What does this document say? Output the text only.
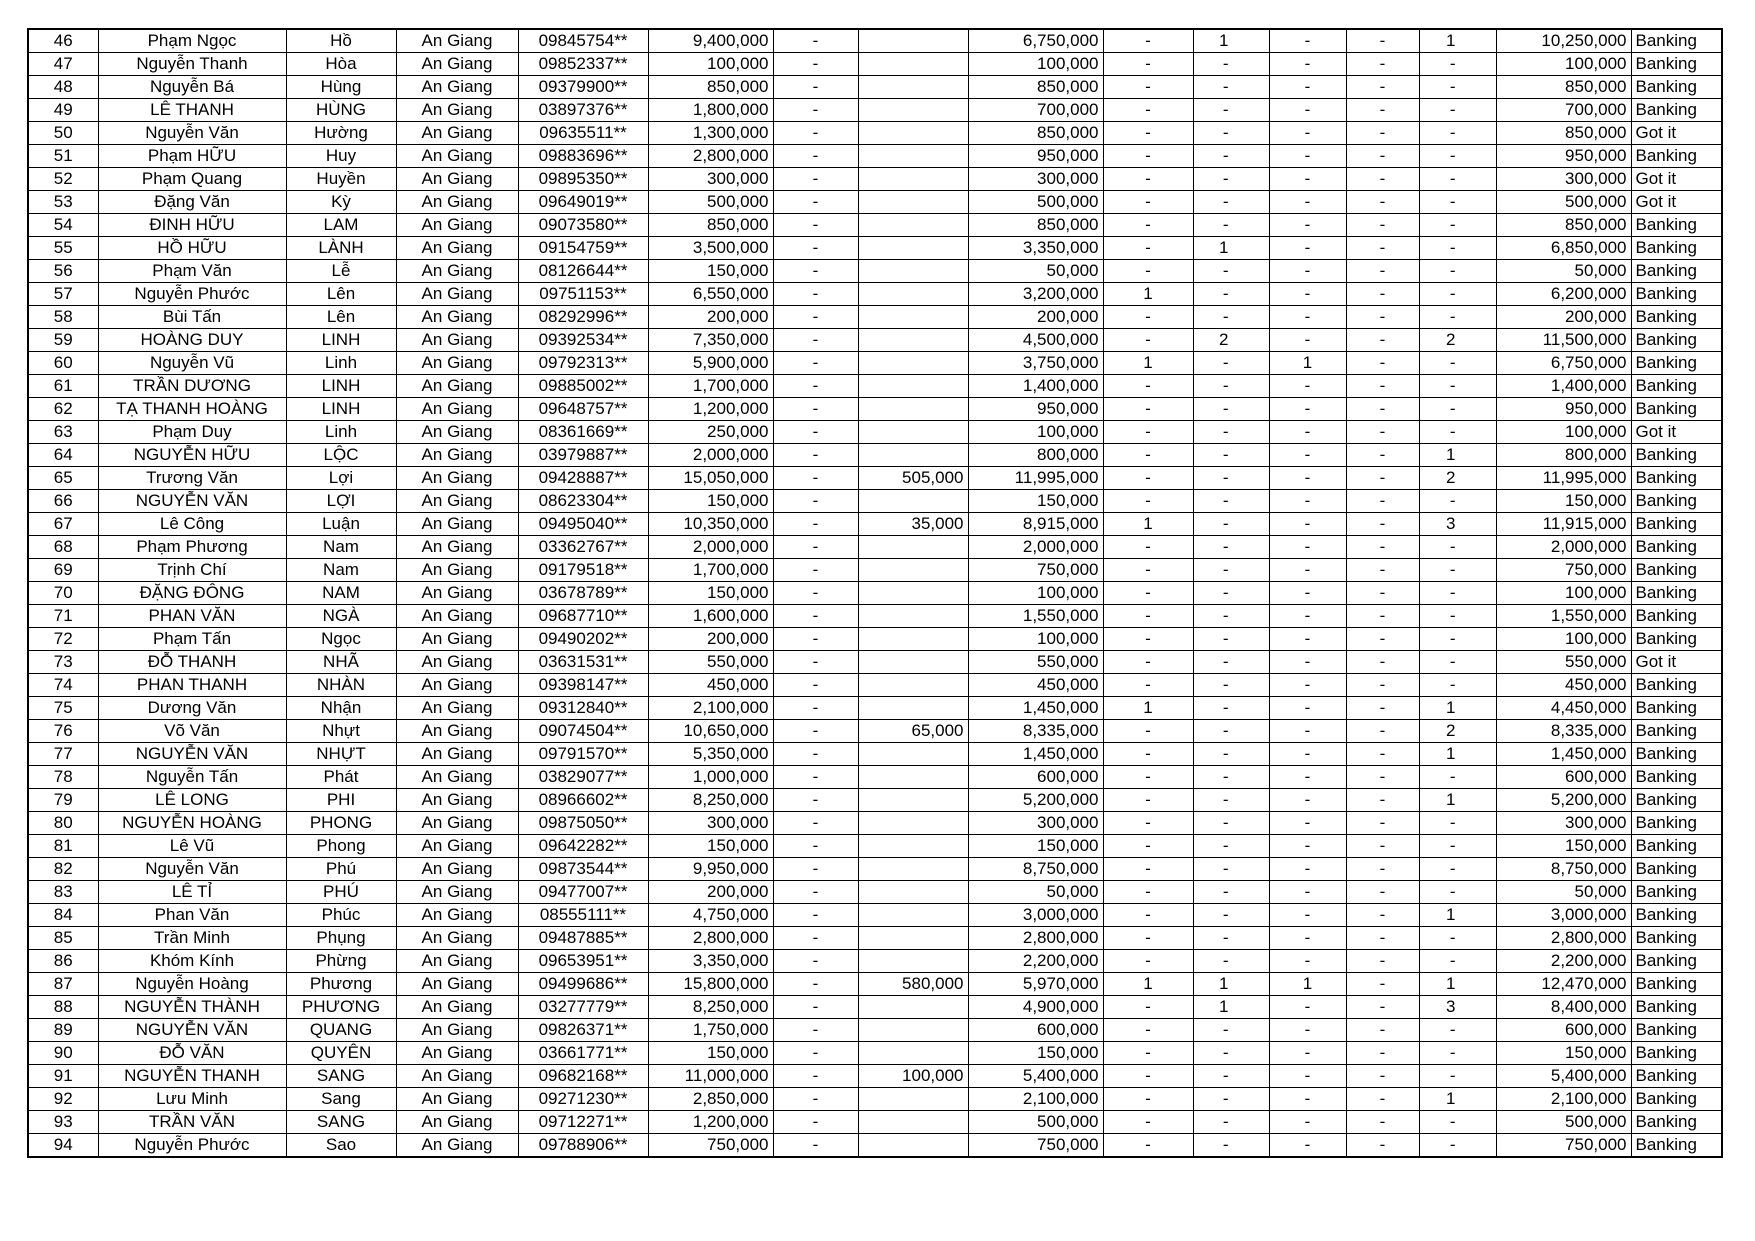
46	Phạm Ngọc	Hồ	An Giang	09845754**	9,400,000	-		6,750,000	-	1	-	-	1	10,250,000	Banking
47	Nguyễn Thanh	Hòa	An Giang	09852337**	100,000	-		100,000	-	-	-	-	-	100,000	Banking
48	Nguyễn Bá	Hùng	An Giang	09379900**	850,000	-		850,000	-	-	-	-	-	850,000	Banking
49	LÊ THANH	HÙNG	An Giang	03897376**	1,800,000	-		700,000	-	-	-	-	-	700,000	Banking
50	Nguyễn Văn	Hường	An Giang	09635511**	1,300,000	-		850,000	-	-	-	-	-	850,000	Got it
51	Phạm HỮU	Huy	An Giang	09883696**	2,800,000	-		950,000	-	-	-	-	-	950,000	Banking
52	Phạm Quang	Huyền	An Giang	09895350**	300,000	-		300,000	-	-	-	-	-	300,000	Got it
53	Đặng Văn	Kỳ	An Giang	09649019**	500,000	-		500,000	-	-	-	-	-	500,000	Got it
54	ĐINH HỮU	LAM	An Giang	09073580**	850,000	-		850,000	-	-	-	-	-	850,000	Banking
55	HỒ HỮU	LÀNH	An Giang	09154759**	3,500,000	-		3,350,000	-	1	-	-	-	6,850,000	Banking
56	Phạm Văn	Lễ	An Giang	08126644**	150,000	-		50,000	-	-	-	-	-	50,000	Banking
57	Nguyễn Phước	Lên	An Giang	09751153**	6,550,000	-		3,200,000	1	-	-	-	-	6,200,000	Banking
58	Bùi Tấn	Lên	An Giang	08292996**	200,000	-		200,000	-	-	-	-	-	200,000	Banking
59	HOÀNG DUY	LINH	An Giang	09392534**	7,350,000	-		4,500,000	-	2	-	-	2	11,500,000	Banking
60	Nguyễn Vũ	Linh	An Giang	09792313**	5,900,000	-		3,750,000	1	-	1	-	-	6,750,000	Banking
61	TRẦN DƯƠNG	LINH	An Giang	09885002**	1,700,000	-		1,400,000	-	-	-	-	-	1,400,000	Banking
62	TẠ THANH HOÀNG	LINH	An Giang	09648757**	1,200,000	-		950,000	-	-	-	-	-	950,000	Banking
63	Phạm Duy	Linh	An Giang	08361669**	250,000	-		100,000	-	-	-	-	-	100,000	Got it
64	NGUYỄN HỮU	LỘC	An Giang	03979887**	2,000,000	-		800,000	-	-	-	-	1	800,000	Banking
65	Trương Văn	Lợi	An Giang	09428887**	15,050,000	-	505,000	11,995,000	-	-	-	-	2	11,995,000	Banking
66	NGUYỄN VĂN	LỢI	An Giang	08623304**	150,000	-		150,000	-	-	-	-	-	150,000	Banking
67	Lê Công	Luận	An Giang	09495040**	10,350,000	-	35,000	8,915,000	1	-	-	-	3	11,915,000	Banking
68	Phạm Phương	Nam	An Giang	03362767**	2,000,000	-		2,000,000	-	-	-	-	-	2,000,000	Banking
69	Trịnh Chí	Nam	An Giang	09179518**	1,700,000	-		750,000	-	-	-	-	-	750,000	Banking
70	ĐẶNG ĐÔNG	NAM	An Giang	03678789**	150,000	-		100,000	-	-	-	-	-	100,000	Banking
71	PHAN VĂN	NGÀ	An Giang	09687710**	1,600,000	-		1,550,000	-	-	-	-	-	1,550,000	Banking
72	Phạm Tấn	Ngọc	An Giang	09490202**	200,000	-		100,000	-	-	-	-	-	100,000	Banking
73	ĐỖ THANH	NHÃ	An Giang	03631531**	550,000	-		550,000	-	-	-	-	-	550,000	Got it
74	PHAN THANH	NHÀN	An Giang	09398147**	450,000	-		450,000	-	-	-	-	-	450,000	Banking
75	Dương Văn	Nhận	An Giang	09312840**	2,100,000	-		1,450,000	1	-	-	-	1	4,450,000	Banking
76	Võ Văn	Nhựt	An Giang	09074504**	10,650,000	-	65,000	8,335,000	-	-	-	-	2	8,335,000	Banking
77	NGUYỄN VĂN	NHỰT	An Giang	09791570**	5,350,000	-		1,450,000	-	-	-	-	1	1,450,000	Banking
78	Nguyễn Tấn	Phát	An Giang	03829077**	1,000,000	-		600,000	-	-	-	-	-	600,000	Banking
79	LÊ LONG	PHI	An Giang	08966602**	8,250,000	-		5,200,000	-	-	-	-	1	5,200,000	Banking
80	NGUYỄN HOÀNG	PHONG	An Giang	09875050**	300,000	-		300,000	-	-	-	-	-	300,000	Banking
81	Lê Vũ	Phong	An Giang	09642282**	150,000	-		150,000	-	-	-	-	-	150,000	Banking
82	Nguyễn Văn	Phú	An Giang	09873544**	9,950,000	-		8,750,000	-	-	-	-	-	8,750,000	Banking
83	LÊ TỈ	PHÚ	An Giang	09477007**	200,000	-		50,000	-	-	-	-	-	50,000	Banking
84	Phan Văn	Phúc	An Giang	08555111**	4,750,000	-		3,000,000	-	-	-	-	1	3,000,000	Banking
85	Trần Minh	Phụng	An Giang	09487885**	2,800,000	-		2,800,000	-	-	-	-	-	2,800,000	Banking
86	Khóm Kính	Phừng	An Giang	09653951**	3,350,000	-		2,200,000	-	-	-	-	-	2,200,000	Banking
87	Nguyễn Hoàng	Phương	An Giang	09499686**	15,800,000	-	580,000	5,970,000	1	1	1	-	1	12,470,000	Banking
88	NGUYỄN THÀNH	PHƯƠNG	An Giang	03277779**	8,250,000	-		4,900,000	-	1	-	-	3	8,400,000	Banking
89	NGUYỄN VĂN	QUANG	An Giang	09826371**	1,750,000	-		600,000	-	-	-	-	-	600,000	Banking
90	ĐỖ VĂN	QUYÊN	An Giang	03661771**	150,000	-		150,000	-	-	-	-	-	150,000	Banking
91	NGUYỄN THANH	SANG	An Giang	09682168**	11,000,000	-	100,000	5,400,000	-	-	-	-	-	5,400,000	Banking
92	Lưu Minh	Sang	An Giang	09271230**	2,850,000	-		2,100,000	-	-	-	-	1	2,100,000	Banking
93	TRẦN VĂN	SANG	An Giang	09712271**	1,200,000	-		500,000	-	-	-	-	-	500,000	Banking
94	Nguyễn Phước	Sao	An Giang	09788906**	750,000	-		750,000	-	-	-	-	-	750,000	Banking
